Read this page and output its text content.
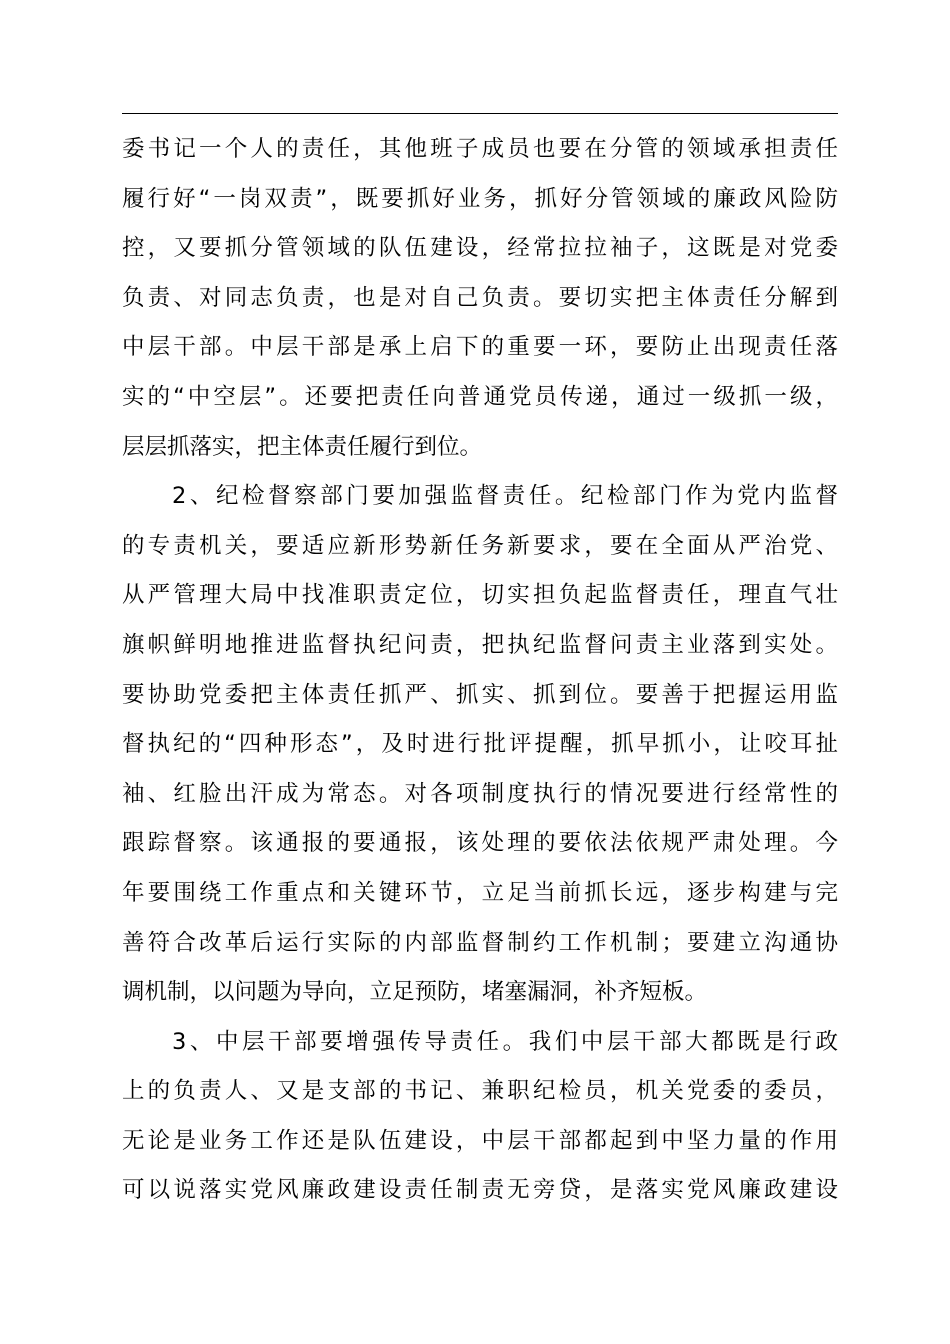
委书记一个人的责任，其他班子成员也要在分管的领域承担责任
履行好“一岗双责”，既要抓好业务，抓好分管领域的廉政风险防
控，又要抓分管领域的队伍建设，经常拉拉袖子，这既是对党委
负责、对同志负责，也是对自己负责。要切实把主体责任分解到
中层干部。中层干部是承上启下的重要一环，要防止出现责任落
实的“中空层”。还要把责任向普通党员传递，通过一级抓一级，
层层抓落实，把主体责任履行到位。
2、纪检督察部门要加强监督责任。纪检部门作为党内监督
的专责机关，要适应新形势新任务新要求，要在全面从严治党、
从严管理大局中找准职责定位，切实担负起监督责任，理直气壮
旗帜鲜明地推进监督执纪问责，把执纪监督问责主业落到实处。
要协助党委把主体责任抓严、抓实、抓到位。要善于把握运用监
督执纪的“四种形态”，及时进行批评提醒，抓早抓小，让咬耳扯
袖、红脸出汗成为常态。对各项制度执行的情况要进行经常性的
跟踪督察。该通报的要通报，该处理的要依法依规严肃处理。今
年要围绕工作重点和关键环节，立足当前抓长远，逐步构建与完
善符合改革后运行实际的内部监督制约工作机制；要建立沟通协
调机制，以问题为导向，立足预防，堵塞漏洞，补齐短板。
3、中层干部要增强传导责任。我们中层干部大都既是行政
上的负责人、又是支部的书记、兼职纪检员，机关党委的委员，
无论是业务工作还是队伍建设，中层干部都起到中坚力量的作用
可以说落实党风廉政建设责任制责无旁贷，是落实党风廉政建设
